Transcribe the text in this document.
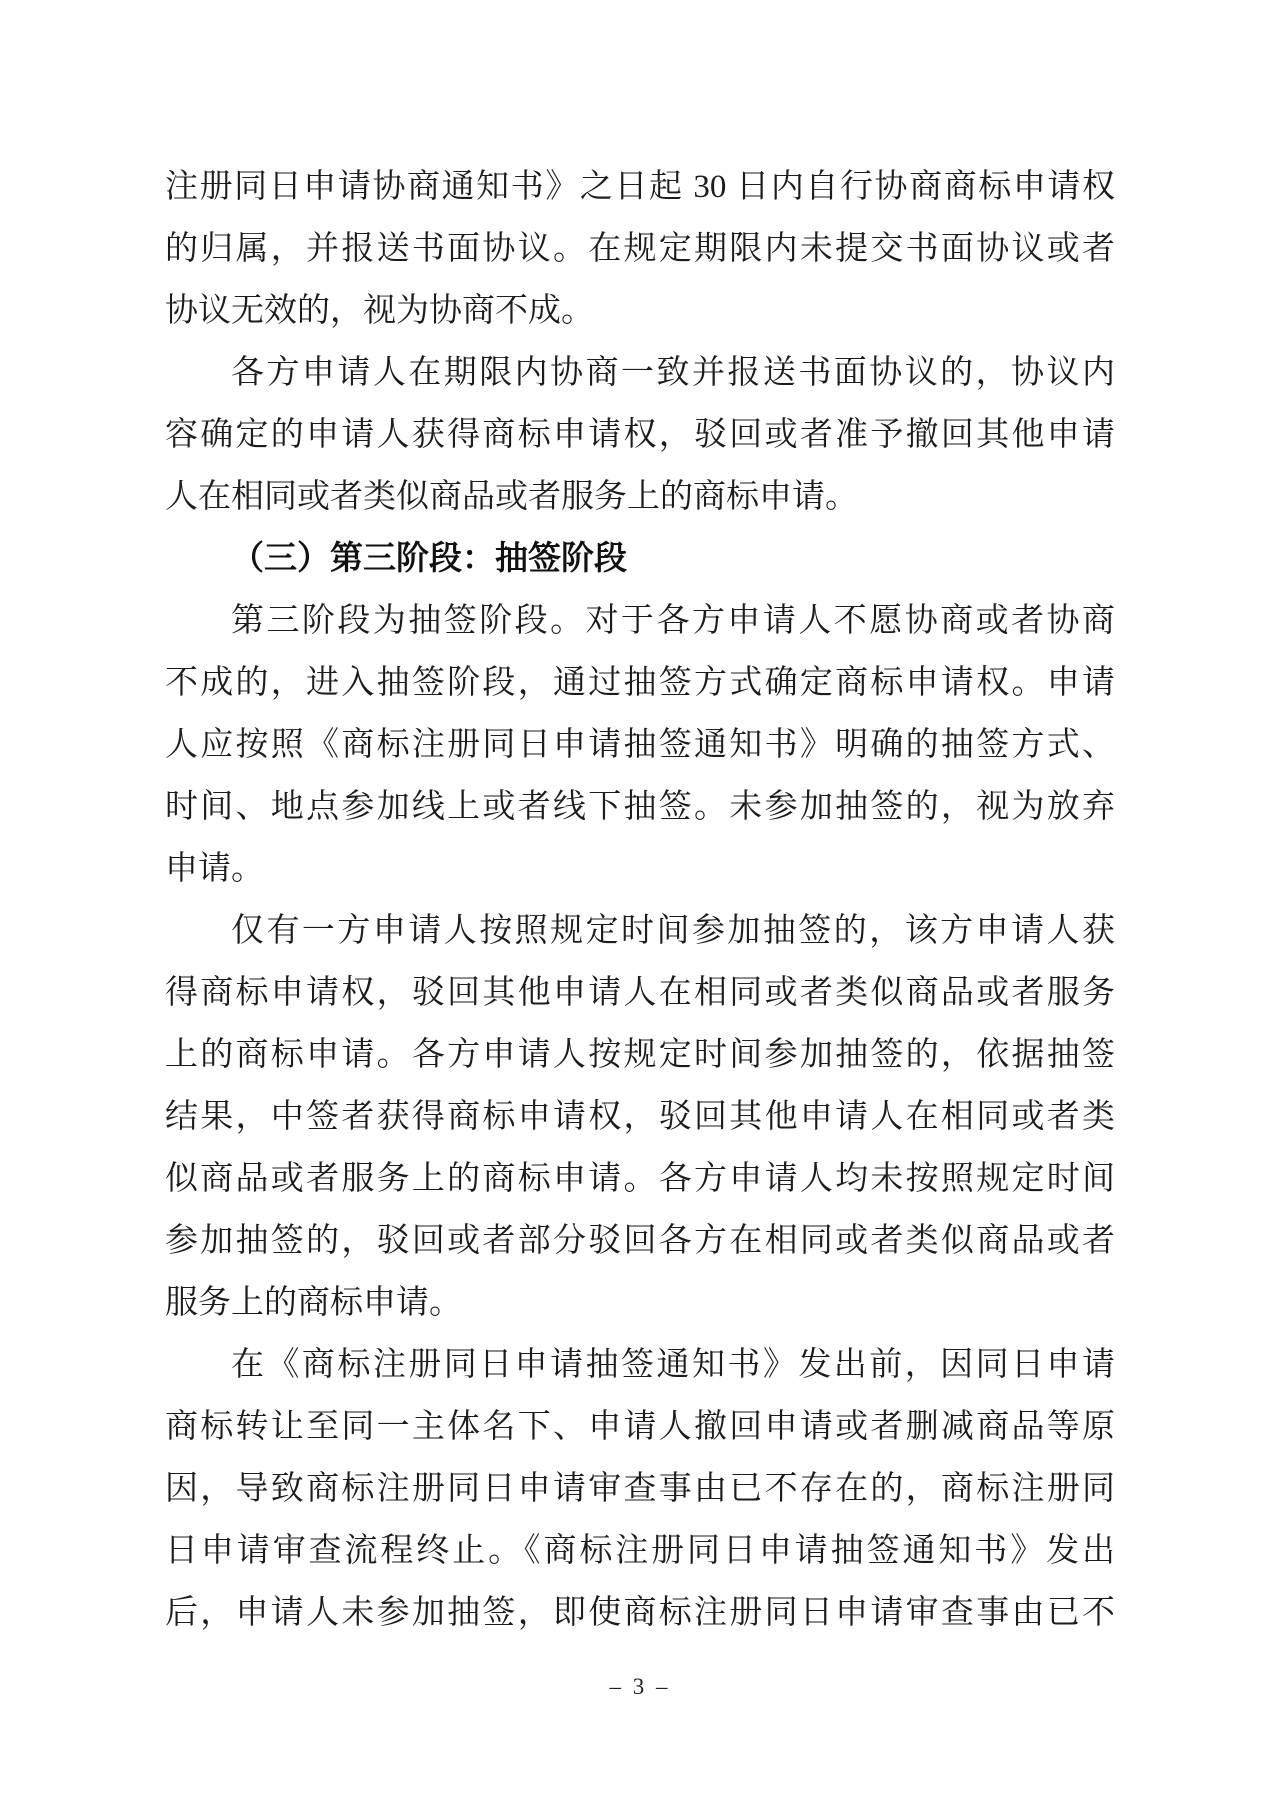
注册同日申请协商通知书》之日起 30 日内自行协商商标申请权
的归属，并报送书面协议。在规定期限内未提交书面协议或者
协议无效的，视为协商不成。
各方申请人在期限内协商一致并报送书面协议的，协议内
容确定的申请人获得商标申请权，驳回或者准予撤回其他申请
人在相同或者类似商品或者服务上的商标申请。
（三）第三阶段：抽签阶段
第三阶段为抽签阶段。对于各方申请人不愿协商或者协商
不成的，进入抽签阶段，通过抽签方式确定商标申请权。申请
人应按照《商标注册同日申请抽签通知书》明确的抽签方式、
时间、地点参加线上或者线下抽签。未参加抽签的，视为放弃
申请。
仅有一方申请人按照规定时间参加抽签的，该方申请人获
得商标申请权，驳回其他申请人在相同或者类似商品或者服务
上的商标申请。各方申请人按规定时间参加抽签的，依据抽签
结果，中签者获得商标申请权，驳回其他申请人在相同或者类
似商品或者服务上的商标申请。各方申请人均未按照规定时间
参加抽签的，驳回或者部分驳回各方在相同或者类似商品或者
服务上的商标申请。
在《商标注册同日申请抽签通知书》发出前，因同日申请
商标转让至同一主体名下、申请人撤回申请或者删减商品等原
因，导致商标注册同日申请审查事由已不存在的，商标注册同
日申请审查流程终止。《商标注册同日申请抽签通知书》发出
后，申请人未参加抽签，即使商标注册同日申请审查事由已不
– 3 –
